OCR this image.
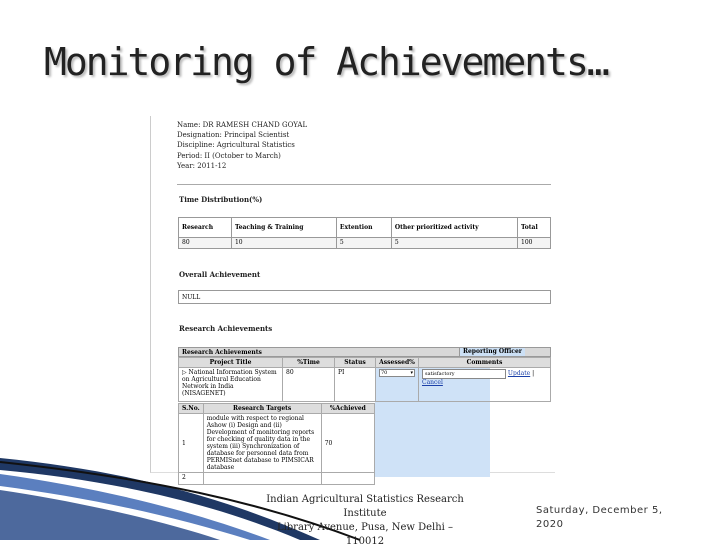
Monitoring of Achievements…
Name: DR RAMESH CHAND GOYAL
Designation: Principal Scientist
Discipline: Agricultural Statistics
Period: II (October to March)
Year: 2011-12
Time Distribution(%)
Research	Teaching & Training	Extention	Other prioritized activity	Total
80	10	5	5	100
Overall Achievement
NULL
Research Achievements
Research Achievements	Reporting Officer
Project Title	%Time	Status	Assessed%	Comments
▷ National Information System on Agricultural Education Network in India (NISAGENET)	80	PI	70 ▾	satisfactory Update | Cancel
S.No.	Research Targets	%Achieved
1	module with respect to regional Ashow (i) Design and (ii) Development of monitoring reports for checking of quality data in the system (iii) Synchronization of database for personnel data from PERMISnet database to PIMSICAR database	70
2		
Indian Agricultural Statistics Research Institute
Library Avenue, Pusa, New Delhi – 110012
Saturday, December 5, 2020
